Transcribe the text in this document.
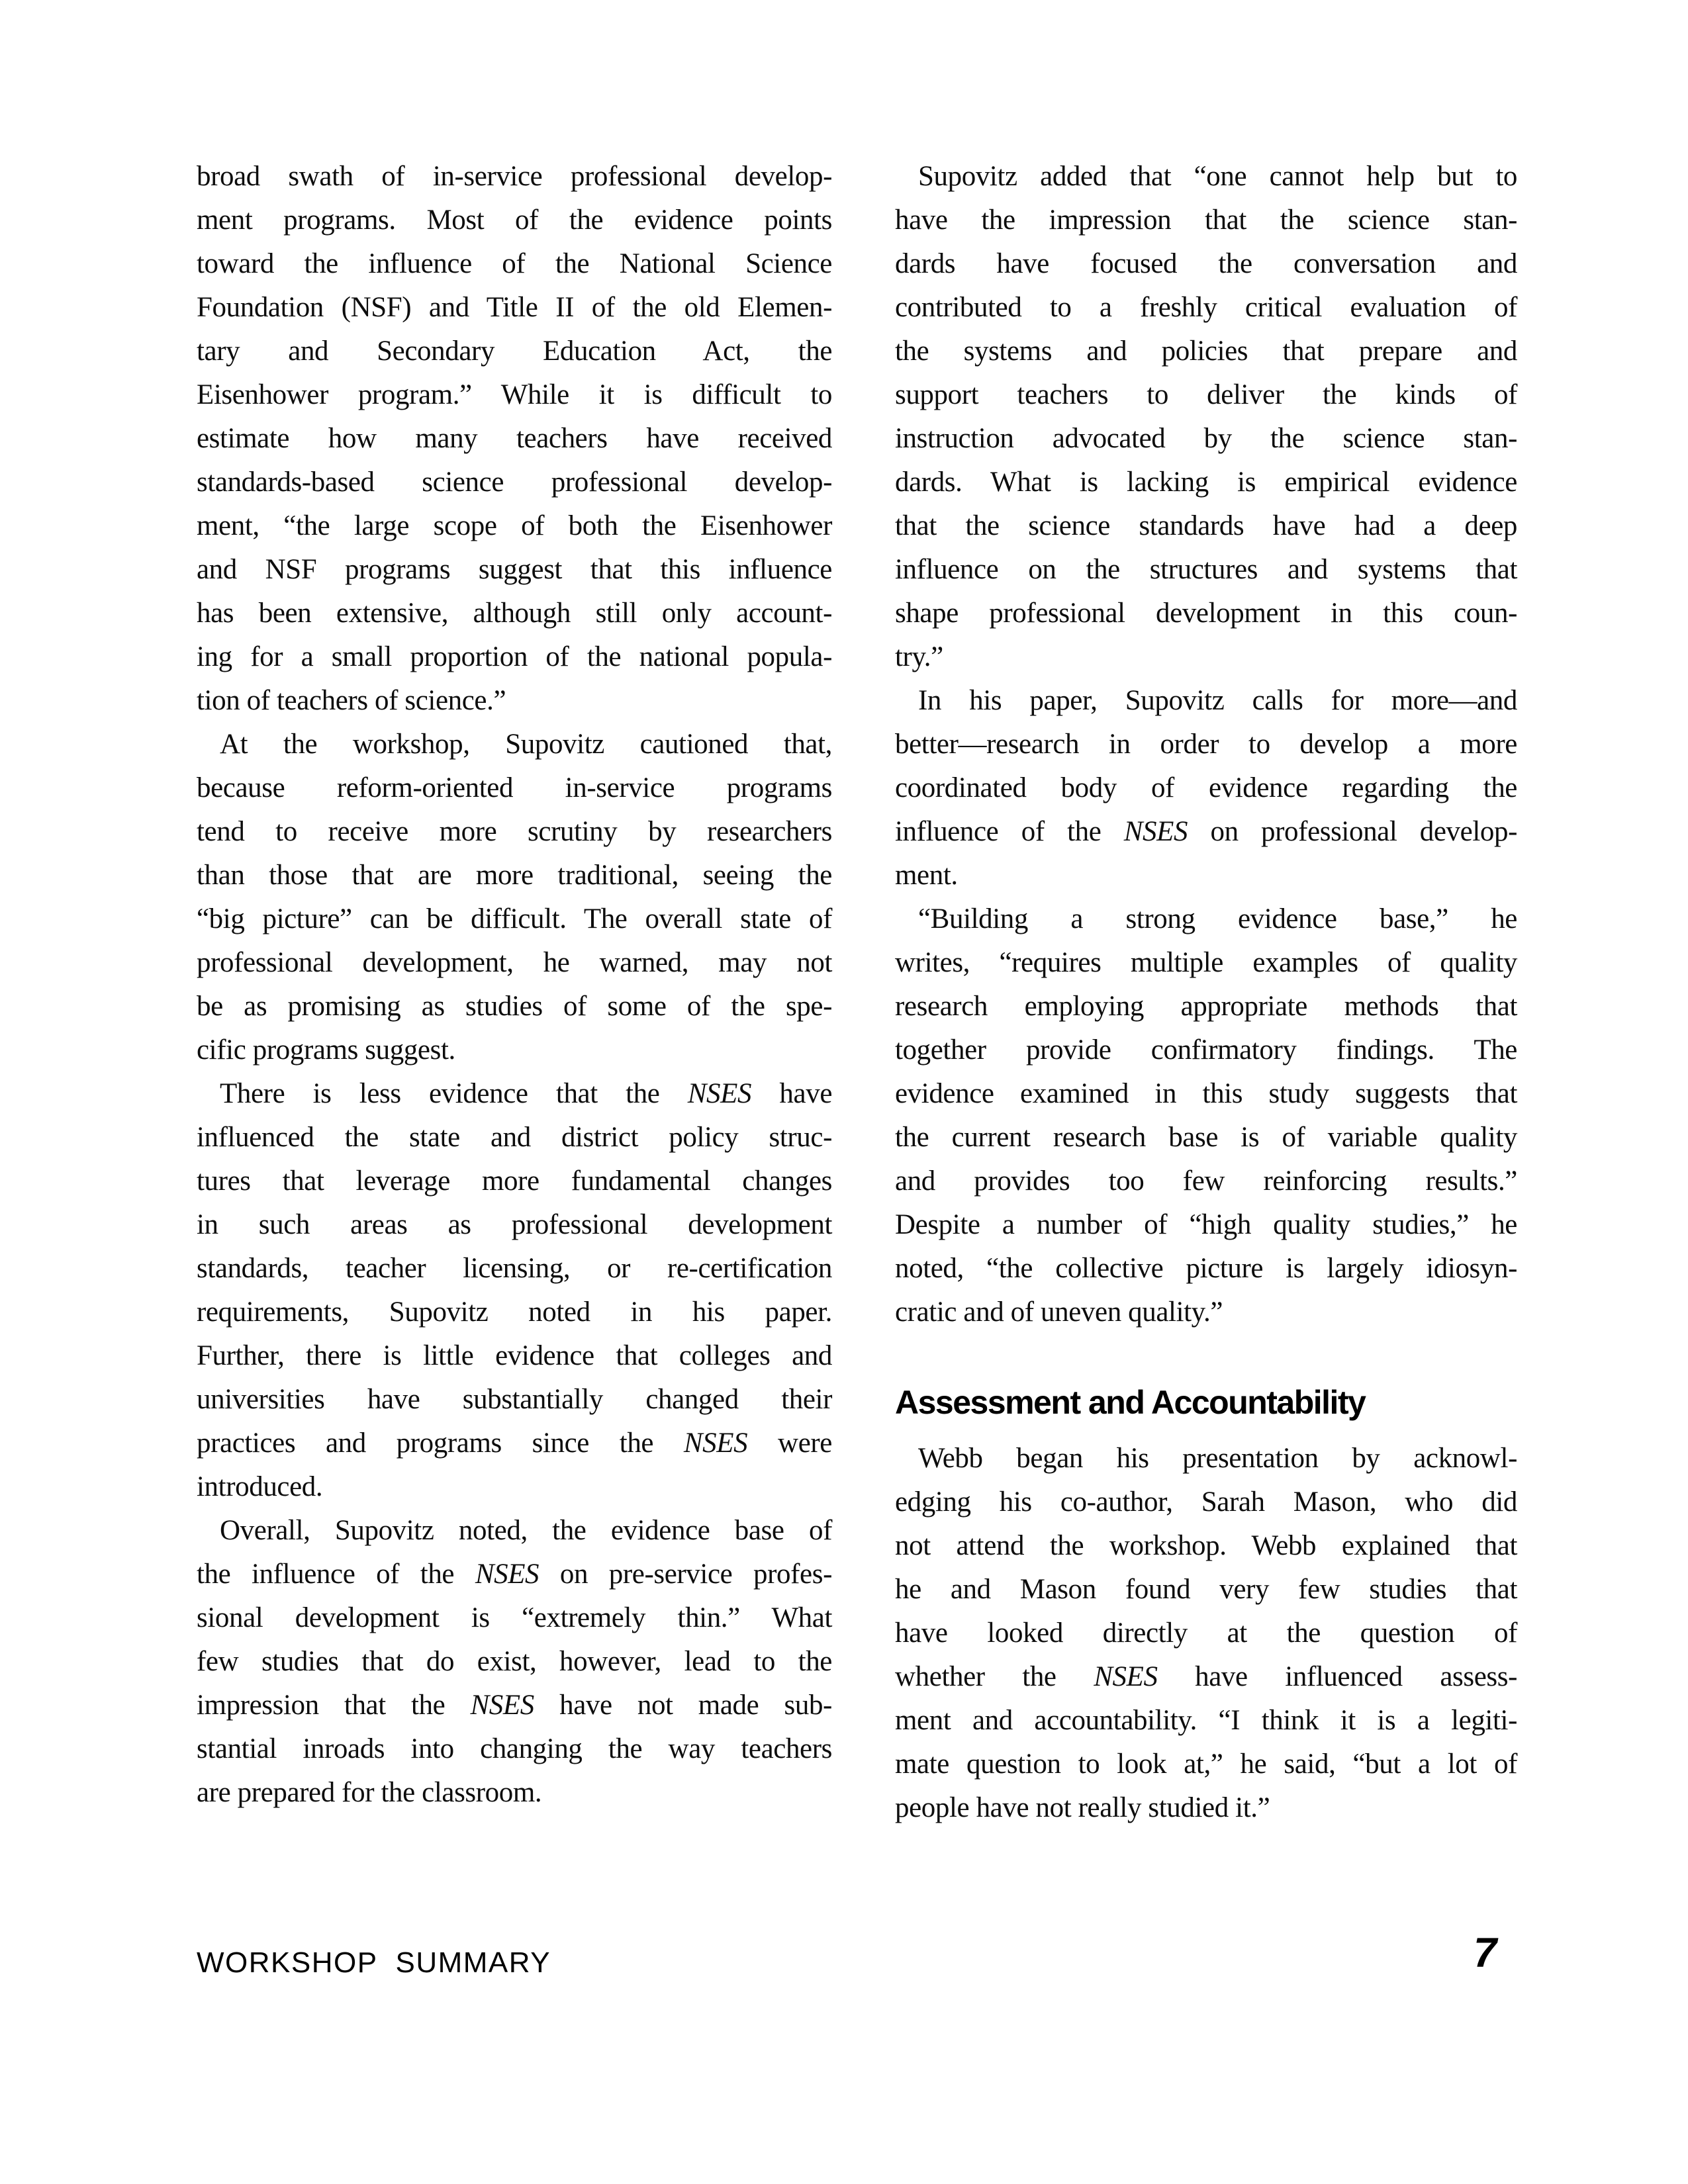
broad swath of in-service professional develop-
ment programs. Most of the evidence points
toward the influence of the National Science
Foundation (NSF) and Title II of the old Elemen-
tary and Secondary Education Act, the
Eisenhower program.” While it is difficult to
estimate how many teachers have received
standards-based science professional develop-
ment, “the large scope of both the Eisenhower
and NSF programs suggest that this influence
has been extensive, although still only account-
ing for a small proportion of the national popula-
tion of teachers of science.”
At the workshop, Supovitz cautioned that,
because reform-oriented in-service programs
tend to receive more scrutiny by researchers
than those that are more traditional, seeing the
“big picture” can be difficult. The overall state of
professional development, he warned, may not
be as promising as studies of some of the spe-
cific programs suggest.
There is less evidence that the NSES have
influenced the state and district policy struc-
tures that leverage more fundamental changes
in such areas as professional development
standards, teacher licensing, or re-certification
requirements, Supovitz noted in his paper.
Further, there is little evidence that colleges and
universities have substantially changed their
practices and programs since the NSES were
introduced.
Overall, Supovitz noted, the evidence base of
the influence of the NSES on pre-service profes-
sional development is “extremely thin.” What
few studies that do exist, however, lead to the
impression that the NSES have not made sub-
stantial inroads into changing the way teachers
are prepared for the classroom.
Supovitz added that “one cannot help but to
have the impression that the science stan-
dards have focused the conversation and
contributed to a freshly critical evaluation of
the systems and policies that prepare and
support teachers to deliver the kinds of
instruction advocated by the science stan-
dards. What is lacking is empirical evidence
that the science standards have had a deep
influence on the structures and systems that
shape professional development in this coun-
try.”
In his paper, Supovitz calls for more—and
better—research in order to develop a more
coordinated body of evidence regarding the
influence of the NSES on professional develop-
ment.
“Building a strong evidence base,” he
writes, “requires multiple examples of quality
research employing appropriate methods that
together provide confirmatory findings. The
evidence examined in this study suggests that
the current research base is of variable quality
and provides too few reinforcing results.”
Despite a number of “high quality studies,” he
noted, “the collective picture is largely idiosyn-
cratic and of uneven quality.”
Assessment and Accountability
Webb began his presentation by acknowl-
edging his co-author, Sarah Mason, who did
not attend the workshop. Webb explained that
he and Mason found very few studies that
have looked directly at the question of
whether the NSES have influenced assess-
ment and accountability. “I think it is a legiti-
mate question to look at,” he said, “but a lot of
people have not really studied it.”
WORKSHOP SUMMARY	7
